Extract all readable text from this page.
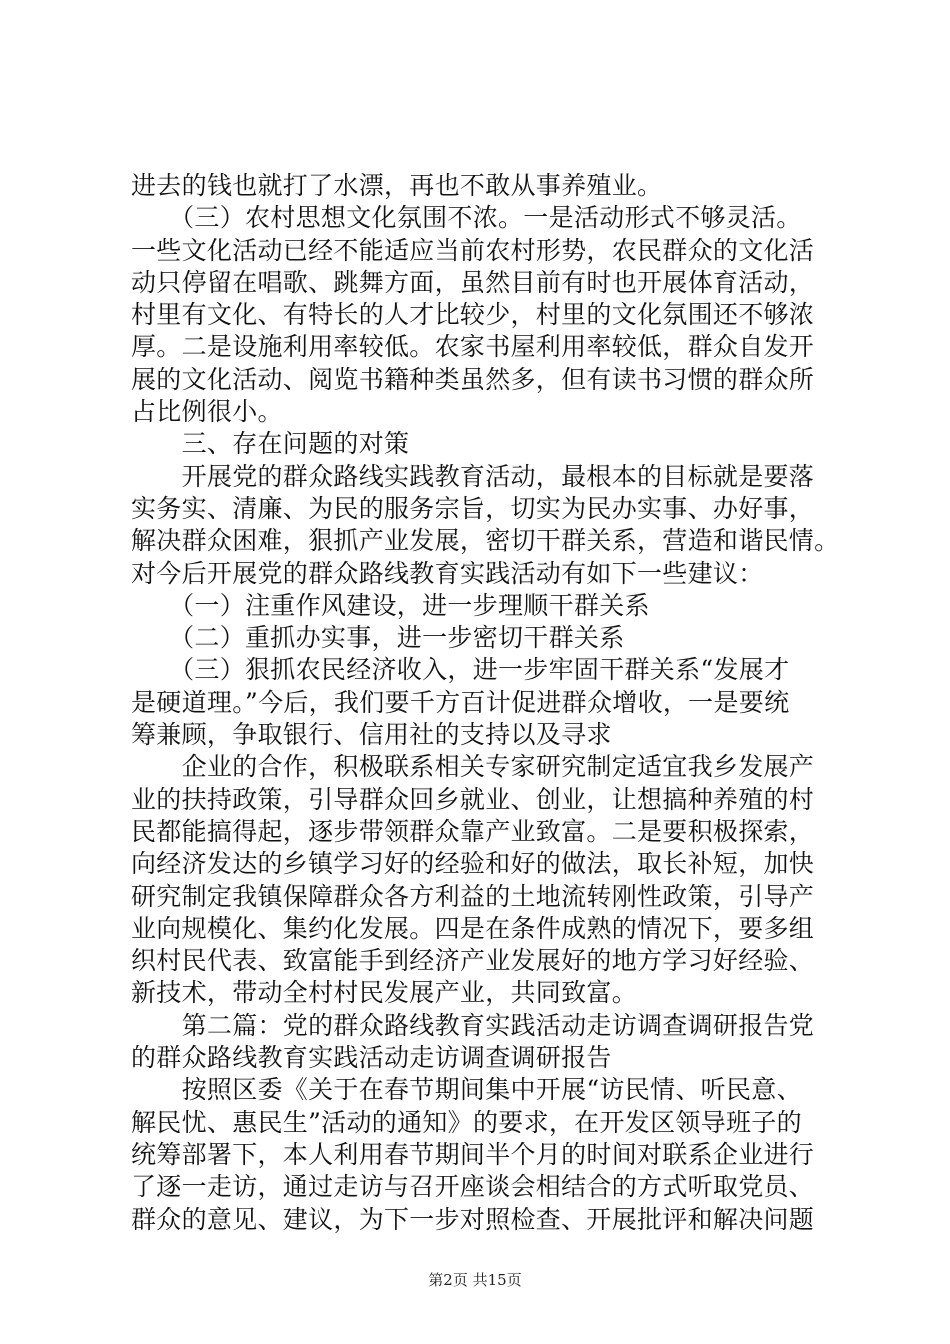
进去的钱也就打了水漂，再也不敢从事养殖业。
　　（三）农村思想文化氛围不浓。一是活动形式不够灵活。
一些文化活动已经不能适应当前农村形势，农民群众的文化活
动只停留在唱歌、跳舞方面，虽然目前有时也开展体育活动，
村里有文化、有特长的人才比较少，村里的文化氛围还不够浓
厚。二是设施利用率较低。农家书屋利用率较低，群众自发开
展的文化活动、阅览书籍种类虽然多，但有读书习惯的群众所
占比例很小。
　　三、存在问题的对策
　　开展党的群众路线实践教育活动，最根本的目标就是要落
实务实、清廉、为民的服务宗旨，切实为民办实事、办好事，
解决群众困难，狠抓产业发展，密切干群关系，营造和谐民情。
对今后开展党的群众路线教育实践活动有如下一些建议：
　　（一）注重作风建设，进一步理顺干群关系
　　（二）重抓办实事，进一步密切干群关系
　　（三）狠抓农民经济收入，进一步牢固干群关系“发展才
是硬道理。”今后，我们要千方百计促进群众增收，一是要统
筹兼顾，争取银行、信用社的支持以及寻求
　　企业的合作，积极联系相关专家研究制定适宜我乡发展产
业的扶持政策，引导群众回乡就业、创业，让想搞种养殖的村
民都能搞得起，逐步带领群众靠产业致富。二是要积极探索，
向经济发达的乡镇学习好的经验和好的做法，取长补短，加快
研究制定我镇保障群众各方利益的土地流转刚性政策，引导产
业向规模化、集约化发展。四是在条件成熟的情况下，要多组
织村民代表、致富能手到经济产业发展好的地方学习好经验、
新技术，带动全村村民发展产业，共同致富。
　　第二篇：党的群众路线教育实践活动走访调查调研报告党
的群众路线教育实践活动走访调查调研报告
　　按照区委《关于在春节期间集中开展“访民情、听民意、
解民忧、惠民生”活动的通知》的要求，在开发区领导班子的
统筹部署下，本人利用春节期间半个月的时间对联系企业进行
了逐一走访，通过走访与召开座谈会相结合的方式听取党员、
群众的意见、建议，为下一步对照检查、开展批评和解决问题
第2页 共15页
